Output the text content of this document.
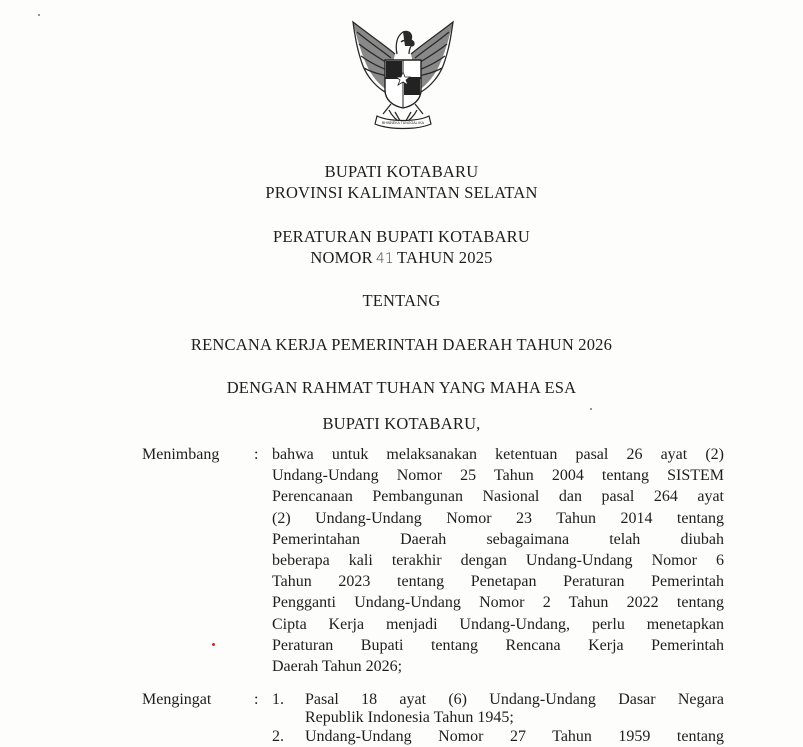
BHINNEKA TUNGGAL IKA
BUPATI KOTABARU
PROVINSI KALIMANTAN SELATAN
PERATURAN BUPATI KOTABARU
NOMOR 41 TAHUN 2025
TENTANG
RENCANA KERJA PEMERINTAH DAERAH TAHUN 2026
DENGAN RAHMAT TUHAN YANG MAHA ESA
BUPATI KOTABARU,
Menimbang : bahwa untuk melaksanakan ketentuan pasal 26 ayat (2)
Undang-Undang Nomor 25 Tahun 2004 tentang SISTEM
Perencanaan Pembangunan Nasional dan pasal 264 ayat
(2) Undang-Undang Nomor 23 Tahun 2014 tentang
Pemerintahan Daerah sebagaimana telah diubah
beberapa kali terakhir dengan Undang-Undang Nomor 6
Tahun 2023 tentang Penetapan Peraturan Pemerintah
Pengganti Undang-Undang Nomor 2 Tahun 2022 tentang
Cipta Kerja menjadi Undang-Undang, perlu menetapkan
Peraturan Bupati tentang Rencana Kerja Pemerintah
Daerah Tahun 2026;
Mengingat	: 1. Pasal 18 ayat (6) Undang-Undang Dasar Negara
Republik Indonesia Tahun 1945;
2. Undang-Undang Nomor 27 Tahun 1959 tentang
